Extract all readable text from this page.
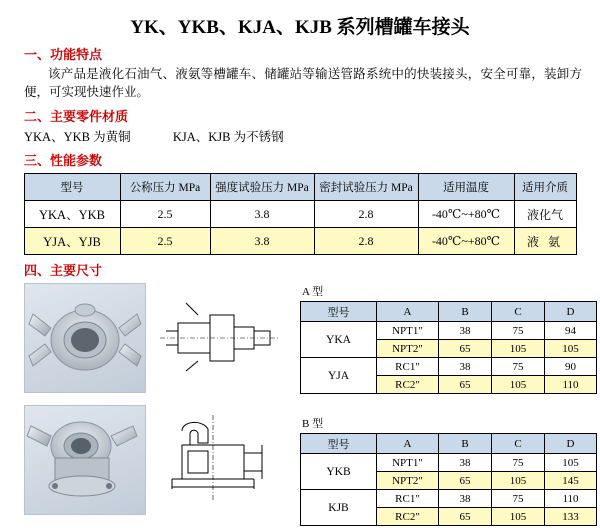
YK、YKB、KJA、KJB 系列槽罐车接头
一、功能特点
该产品是液化石油气、液氨等槽罐车、储罐站等输送管路系统中的快装接头，安全可靠，装卸方便，可实现快速作业。
二、主要零件材质
YKA、YKB 为黄铜	KJA、KJB 为不锈钢
三、性能参数
型号	公称压力 MPa	强度试验压力 MPa	密封试验压力 MPa	适用温度	适用介质
YKA、YKB	2.5	3.8	2.8	-40℃~+80℃	液化气
YJA、YJB	2.5	3.8	2.8	-40℃~+80℃	液 氨
四、主要尺寸

A 型
型号	A	B	C	D
YKA	NPT1"	38	75	94
	NPT2"	65	105	105
YJA	RC1"	38	75	90
	RC2"	65	105	110
B 型
型号	A	B	C	D
YKB	NPT1"	38	75	105
	NPT2"	65	105	145
KJB	RC1"	38	75	110
	RC2"	65	105	133
